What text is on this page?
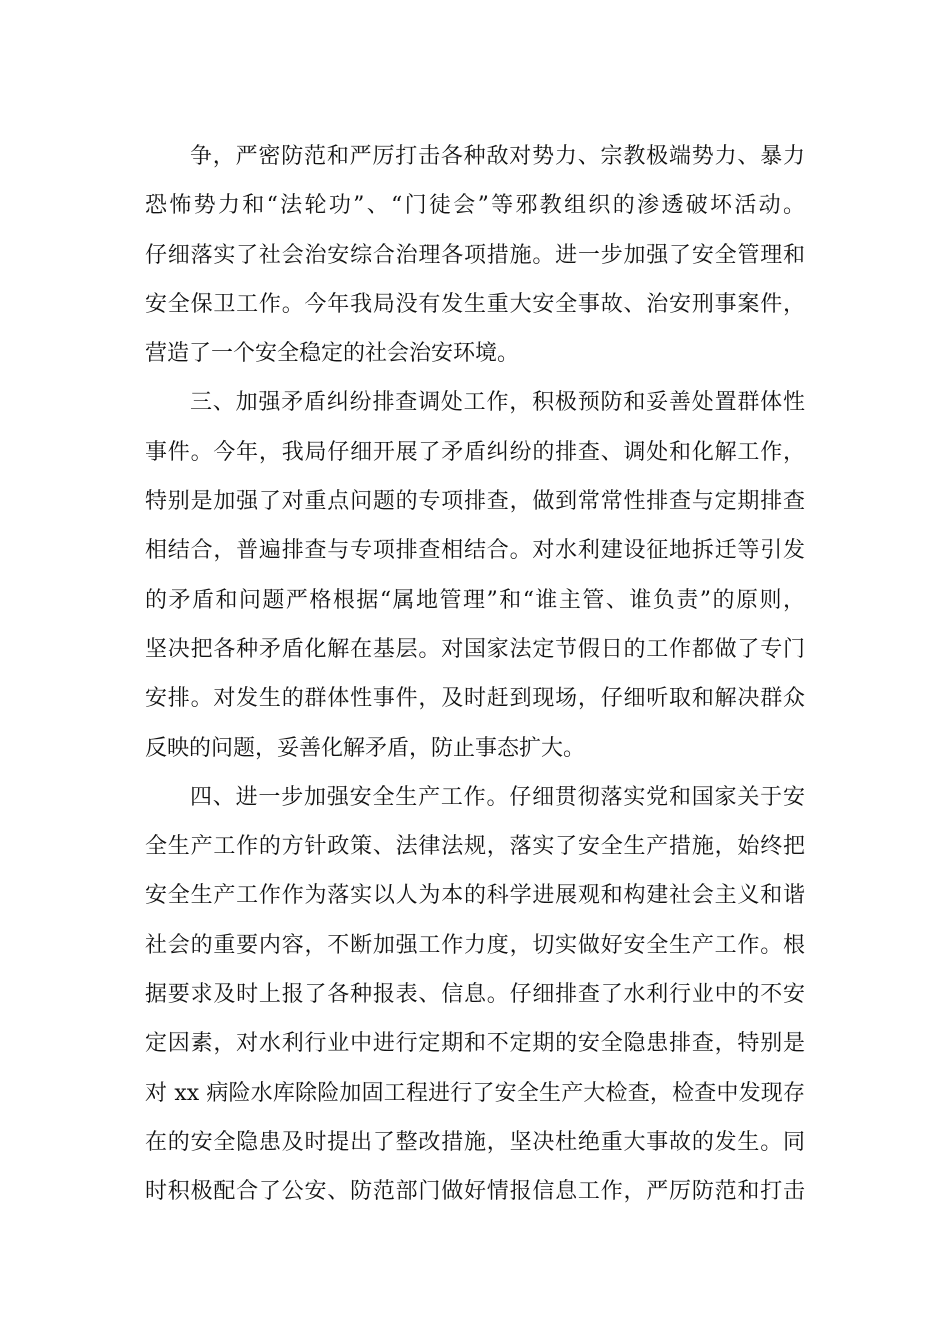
争，严密防范和严厉打击各种敌对势力、宗教极端势力、暴力
恐怖势力和“法轮功”、“门徒会”等邪教组织的渗透破坏活动。
仔细落实了社会治安综合治理各项措施。进一步加强了安全管理和
安全保卫工作。今年我局没有发生重大安全事故、治安刑事案件，
营造了一个安全稳定的社会治安环境。
三、加强矛盾纠纷排查调处工作，积极预防和妥善处置群体性
事件。今年，我局仔细开展了矛盾纠纷的排查、调处和化解工作，
特别是加强了对重点问题的专项排查，做到常常性排查与定期排查
相结合，普遍排查与专项排查相结合。对水利建设征地拆迁等引发
的矛盾和问题严格根据“属地管理”和“谁主管、谁负责”的原则，
坚决把各种矛盾化解在基层。对国家法定节假日的工作都做了专门
安排。对发生的群体性事件，及时赶到现场，仔细听取和解决群众
反映的问题，妥善化解矛盾，防止事态扩大。
四、进一步加强安全生产工作。仔细贯彻落实党和国家关于安
全生产工作的方针政策、法律法规，落实了安全生产措施，始终把
安全生产工作作为落实以人为本的科学进展观和构建社会主义和谐
社会的重要内容，不断加强工作力度，切实做好安全生产工作。根
据要求及时上报了各种报表、信息。仔细排查了水利行业中的不安
定因素，对水利行业中进行定期和不定期的安全隐患排查，特别是
对 xx 病险水库除险加固工程进行了安全生产大检查，检查中发现存
在的安全隐患及时提出了整改措施，坚决杜绝重大事故的发生。同
时积极配合了公安、防范部门做好情报信息工作，严厉防范和打击
